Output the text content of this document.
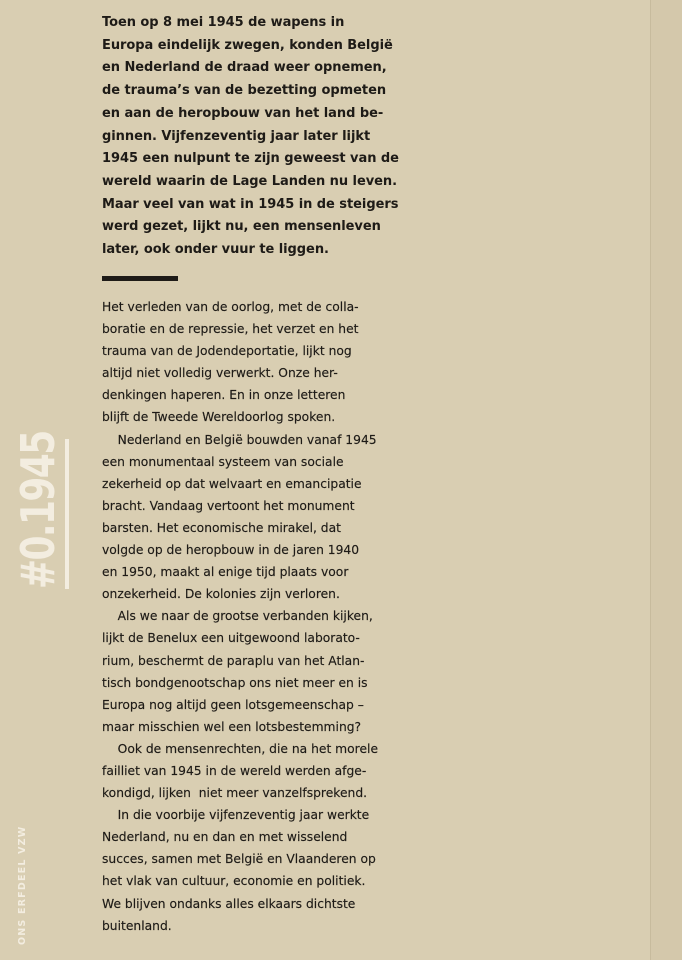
Toen op 8 mei 1945 de wapens in
Europa eindelijk zwegen, konden België
en Nederland de draad weer opnemen,
de trauma’s van de bezetting opmeten
en aan de heropbouw van het land be-
ginnen. Vijfenzeventig jaar later lijkt
1945 een nulpunt te zijn geweest van de
wereld waarin de Lage Landen nu leven.
Maar veel van wat in 1945 in de steigers
werd gezet, lijkt nu, een mensenleven
later, ook onder vuur te liggen.
Het verleden van de oorlog, met de colla-
boratie en de repressie, het verzet en het
trauma van de Jodendeportatie, lijkt nog
altijd niet volledig verwerkt. Onze her-
denkingen haperen. En in onze letteren
blijft de Tweede Wereldoorlog spoken.
Nederland en België bouwden vanaf 1945
een monumentaal systeem van sociale
zekerheid op dat welvaart en emancipatie
bracht. Vandaag vertoont het monument
barsten. Het economische mirakel, dat
volgde op de heropbouw in de jaren 1940
en 1950, maakt al enige tijd plaats voor
onzekerheid. De kolonies zijn verloren.
Als we naar de grootse verbanden kijken,
lijkt de Benelux een uitgewoond laborato-
rium, beschermt de paraplu van het Atlan-
tisch bondgenootschap ons niet meer en is
Europa nog altijd geen lotsgemeenschap –
maar misschien wel een lotsbestemming?
Ook de mensenrechten, die na het morele
failliet van 1945 in de wereld werden afge-
kondigd, lijken  niet meer vanzelfsprekend.
In die voorbije vijfenzeventig jaar werkte
Nederland, nu en dan en met wisselend
succes, samen met België en Vlaanderen op
het vlak van cultuur, economie en politiek.
We blijven ondanks alles elkaars dichtste
buitenland.
#0.1945
ONS ERFDEEL VZW
